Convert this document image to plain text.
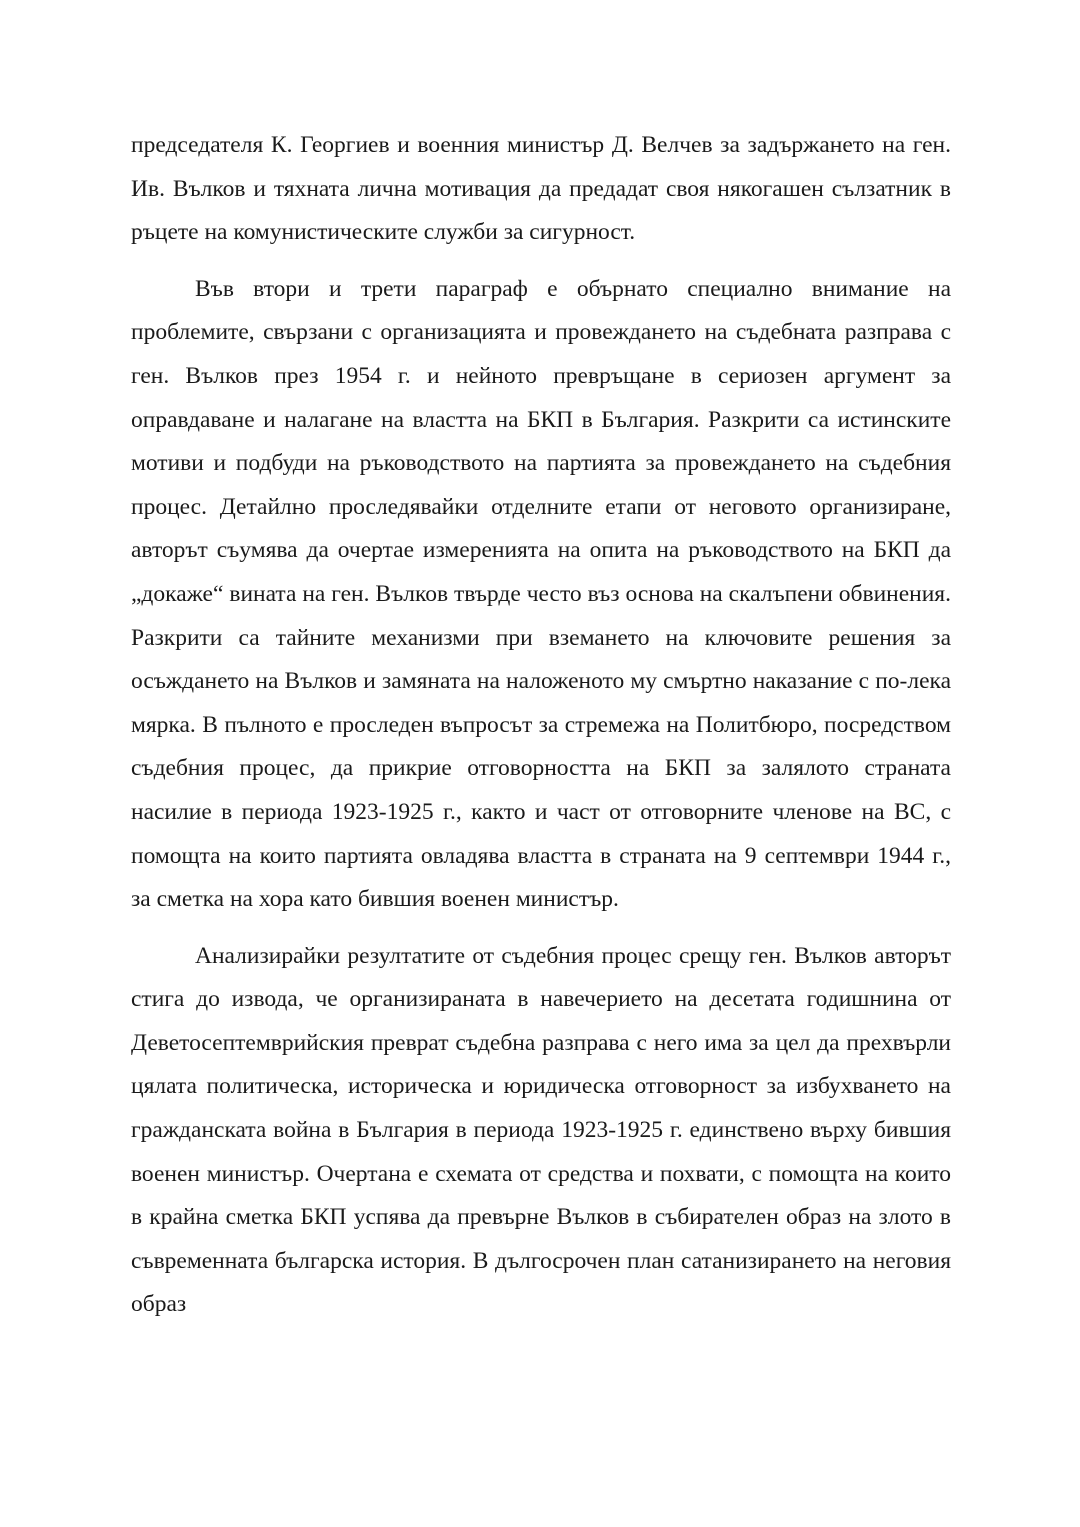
председателя К. Георгиев и военния министър Д. Велчев за задържането на ген. Ив. Вълков и тяхната лична мотивация да предадат своя някогашен сълзатник в ръцете на комунистическите служби за сигурност.

Във втори и трети параграф е обърнато специално внимание на проблемите, свързани с организацията и провеждането на съдебната разправа с ген. Вълков през 1954 г. и нейното превръщане в сериозен аргумент за оправдаване и налагане на властта на БКП в България. Разкрити са истинските мотиви и подбуди на ръководството на партията за провеждането на съдебния процес. Детайлно проследявайки отделните етапи от неговото организиране, авторът съумява да очертае измеренията на опита на ръководството на БКП да „докаже“ вината на ген. Вълков твърде често въз основа на скалъпени обвинения. Разкрити са тайните механизми при вземането на ключовите решения за осъждането на Вълков и замяната на наложеното му смъртно наказание с по-лека мярка. В пълното е проследен въпросът за стремежа на Политбюро, посредством съдебния процес, да прикрие отговорността на БКП за залялото страната насилие в периода 1923-1925 г., както и част от отговорните членове на ВС, с помощта на които партията овладява властта в страната на 9 септември 1944 г., за сметка на хора като бившия военен министър.

Анализирайки резултатите от съдебния процес срещу ген. Вълков авторът стига до извода, че организираната в навечерието на десетата годишнина от Деветосептемврийския преврат съдебна разправа с него има за цел да прехвърли цялата политическа, историческа и юридическа отговорност за избухването на гражданската война в България в периода 1923-1925 г. единствено върху бившия военен министър. Очертана е схемата от средства и похвати, с помощта на които в крайна сметка БКП успява да превърне Вълков в събирателен образ на злото в съвременната българска история. В дългосрочен план сатанизирането на неговия образ
